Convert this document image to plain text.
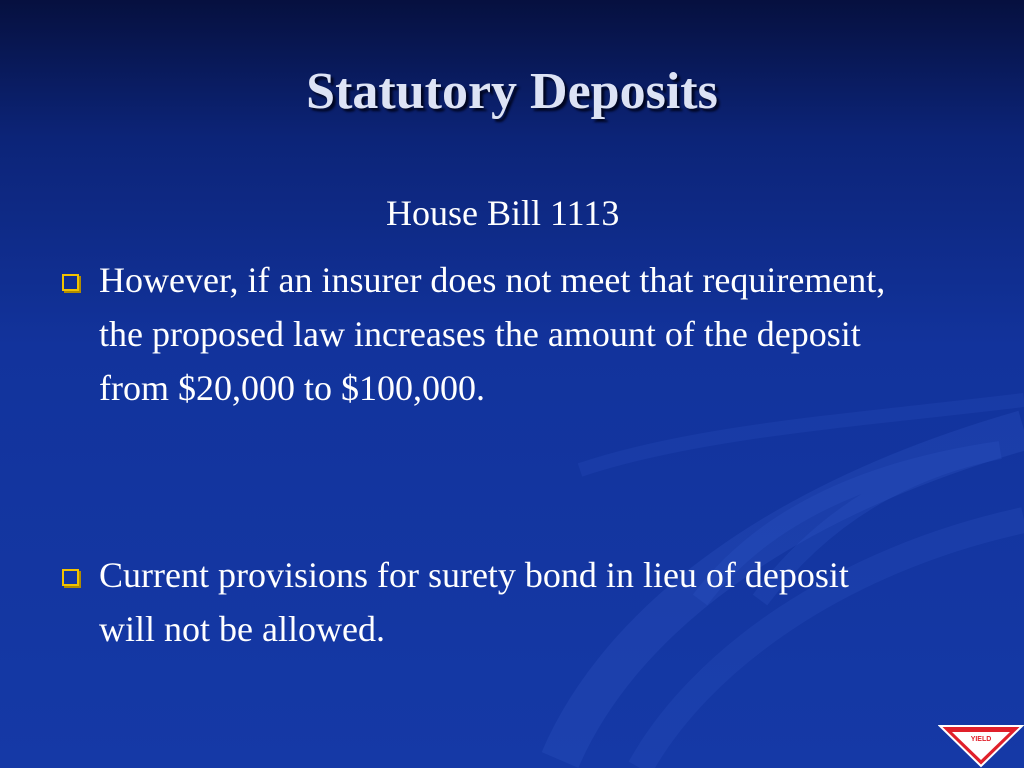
Statutory Deposits
House Bill 1113
However, if an insurer does not meet that requirement, the proposed law increases the amount of the deposit from $20,000 to $100,000.
Current provisions for surety bond in lieu of deposit will not be allowed.
YIELD
